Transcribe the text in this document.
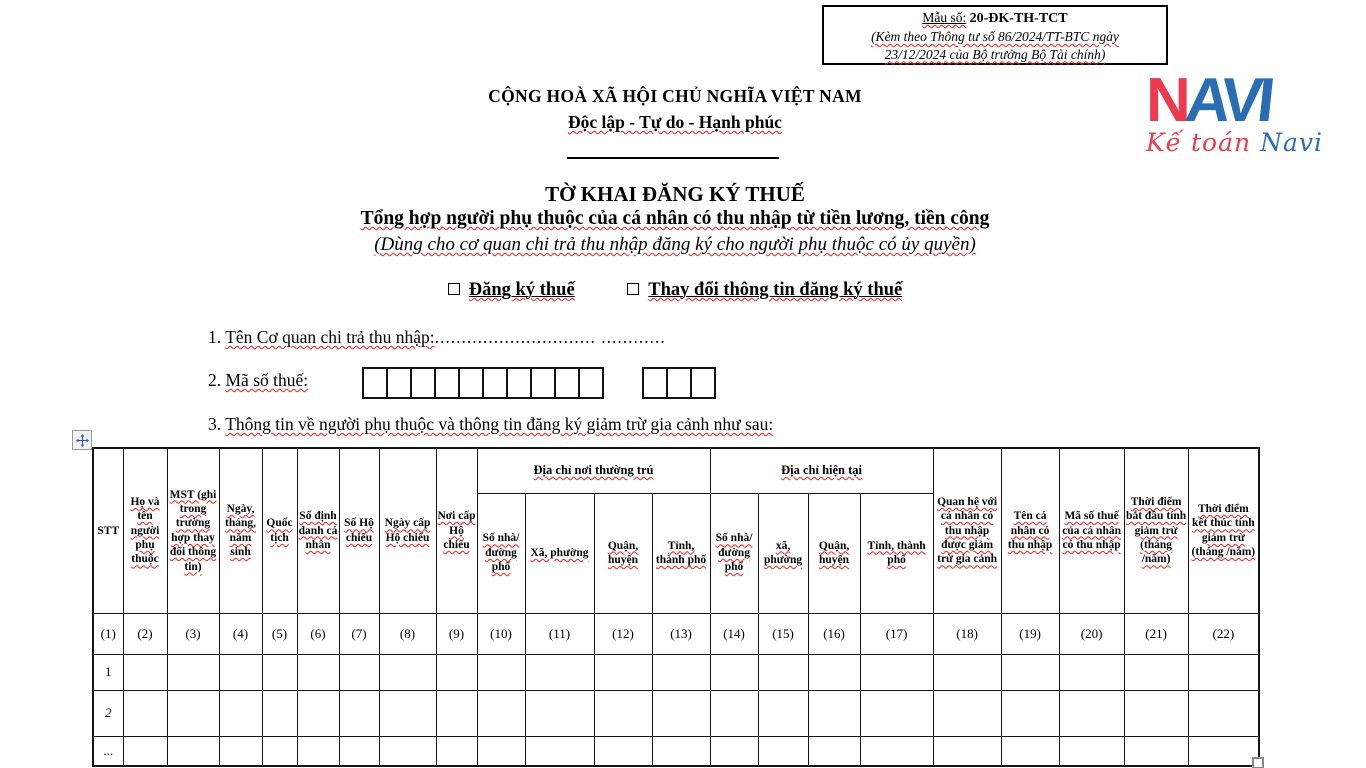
Mẫu số: 20-ĐK-TH-TCT
(Kèm theo Thông tư số 86/2024/TT-BTC ngày
23/12/2024 của Bộ trưởng Bộ Tài chính)
NAVI
Kế toán Navi
CỘNG HOÀ XÃ HỘI CHỦ NGHĨA VIỆT NAM
Độc lập - Tự do - Hạnh phúc
TỜ KHAI ĐĂNG KÝ THUẾ
Tổng hợp người phụ thuộc của cá nhân có thu nhập từ tiền lương, tiền công
(Dùng cho cơ quan chi trả thu nhập đăng ký cho người phụ thuộc có ủy quyền)
Đăng ký thuế	Thay đổi thông tin đăng ký thuế
1. Tên Cơ quan chi trả thu nhập:.............................. ............
2. Mã số thuế:
3. Thông tin về người phụ thuộc và thông tin đăng ký giảm trừ gia cảnh như sau:
STT	Họ và tên người phụ thuộc	MST (ghi trong trường hợp thay đổi thông tin)	Ngày, tháng, năm sinh	Quốc tịch	Số định danh cá nhân	Số Hộ chiếu	Ngày cấp Hộ chiếu	Nơi cấp Hộ chiếu	Địa chỉ nơi thường trú				Địa chỉ hiện tại				Quan hệ với cá nhân có thu nhập được giảm trừ gia cảnh	Tên cá nhân có thu nhập	Mã số thuế của cá nhân có thu nhập	Thời điểm bắt đầu tính giảm trừ (tháng /năm)	Thời điểm kết thúc tính giảm trừ (tháng /năm)
									Số nhà/ đường phố	Xã, phường	Quận, huyện	Tỉnh, thành phố	Số nhà/ đường phố	xã, phường	Quận, huyện	Tỉnh, thành phố					
(1)	(2)	(3)	(4)	(5)	(6)	(7)	(8)	(9)	(10)	(11)	(12)	(13)	(14)	(15)	(16)	(17)	(18)	(19)	(20)	(21)	(22)
1																					
2																					
...																					
